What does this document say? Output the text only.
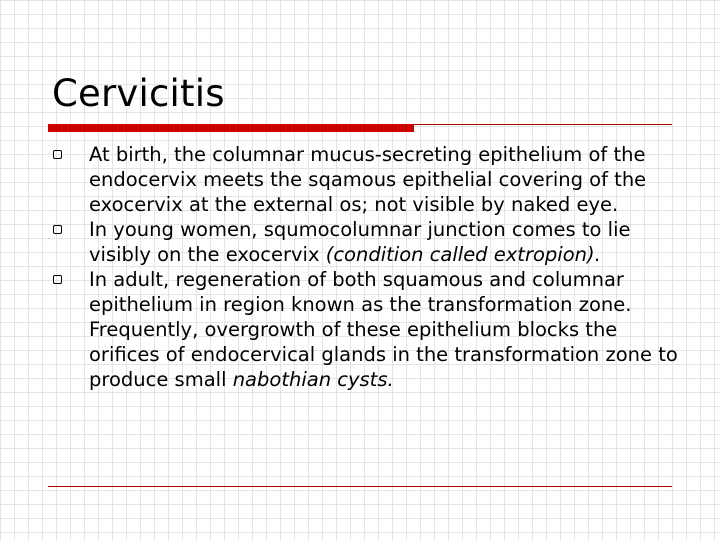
Cervicitis
At birth, the columnar mucus-secreting epithelium of the endocervix meets the sqamous epithelial covering of the exocervix at the external os; not visible by naked eye.
In young women, squmocolumnar junction comes to lie visibly on the exocervix (condition called extropion).
In adult, regeneration of both squamous and columnar epithelium in region known as the transformation zone. Frequently, overgrowth of these epithelium blocks the orifices of endocervical glands in the transformation zone to produce small nabothian cysts.
